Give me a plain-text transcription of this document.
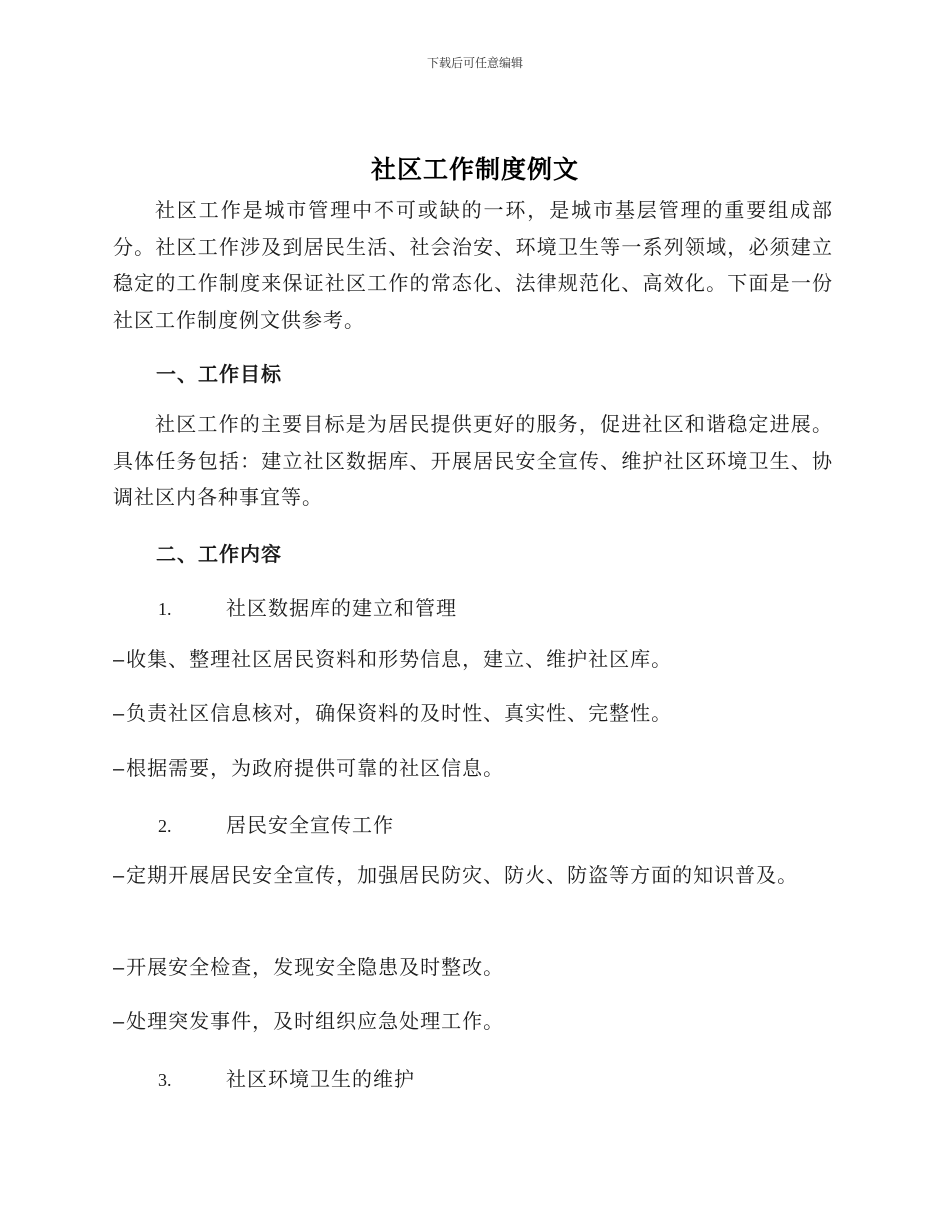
下载后可任意编辑
社区工作制度例文
社区工作是城市管理中不可或缺的一环，是城市基层管理的重要组成部分。社区工作涉及到居民生活、社会治安、环境卫生等一系列领域，必须建立稳定的工作制度来保证社区工作的常态化、法律规范化、高效化。下面是一份社区工作制度例文供参考。
一、工作目标
社区工作的主要目标是为居民提供更好的服务，促进社区和谐稳定进展。具体任务包括：建立社区数据库、开展居民安全宣传、维护社区环境卫生、协调社区内各种事宜等。
二、工作内容
1.	社区数据库的建立和管理
– 收集、整理社区居民资料和形势信息，建立、维护社区库。
– 负责社区信息核对，确保资料的及时性、真实性、完整性。
– 根据需要，为政府提供可靠的社区信息。
2.	居民安全宣传工作
– 定期开展居民安全宣传，加强居民防灾、防火、防盗等方面的知识普及。
– 开展安全检查，发现安全隐患及时整改。
– 处理突发事件，及时组织应急处理工作。
3.	社区环境卫生的维护
